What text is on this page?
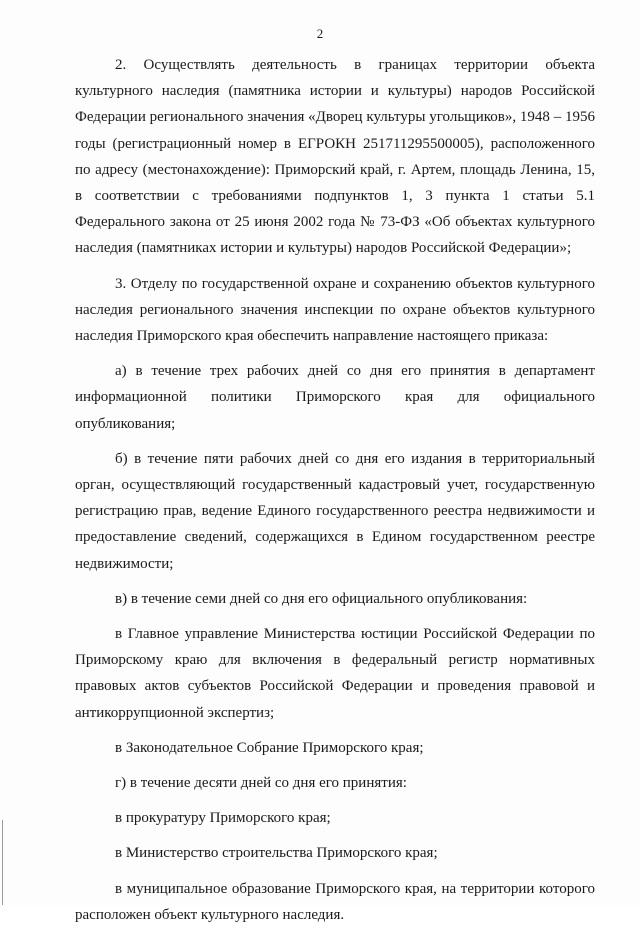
2

2. Осуществлять деятельность в границах территории объекта культурного наследия (памятника истории и культуры) народов Российской Федерации регионального значения «Дворец культуры угольщиков», 1948 – 1956 годы (регистрационный номер в ЕГРОКН 251711295500005), расположенного по адресу (местонахождение): Приморский край, г. Артем, площадь Ленина, 15, в соответствии с требованиями подпунктов 1, 3 пункта 1 статьи 5.1 Федерального закона от 25 июня 2002 года № 73-ФЗ «Об объектах культурного наследия (памятниках истории и культуры) народов Российской Федерации»;

3. Отделу по государственной охране и сохранению объектов культурного наследия регионального значения инспекции по охране объектов культурного наследия Приморского края обеспечить направление настоящего приказа:

а) в течение трех рабочих дней со дня его принятия в департамент информационной политики Приморского края для официального опубликования;

б) в течение пяти рабочих дней со дня его издания в территориальный орган, осуществляющий государственный кадастровый учет, государственную регистрацию прав, ведение Единого государственного реестра недвижимости и предоставление сведений, содержащихся в Едином государственном реестре недвижимости;

в) в течение семи дней со дня его официального опубликования:

в Главное управление Министерства юстиции Российской Федерации по Приморскому краю для включения в федеральный регистр нормативных правовых актов субъектов Российской Федерации и проведения правовой и антикоррупционной экспертиз;

в Законодательное Собрание Приморского края;

г) в течение десяти дней со дня его принятия:

в прокуратуру Приморского края;

в Министерство строительства Приморского края;

в муниципальное образование Приморского края, на территории которого расположен объект культурного наследия.
